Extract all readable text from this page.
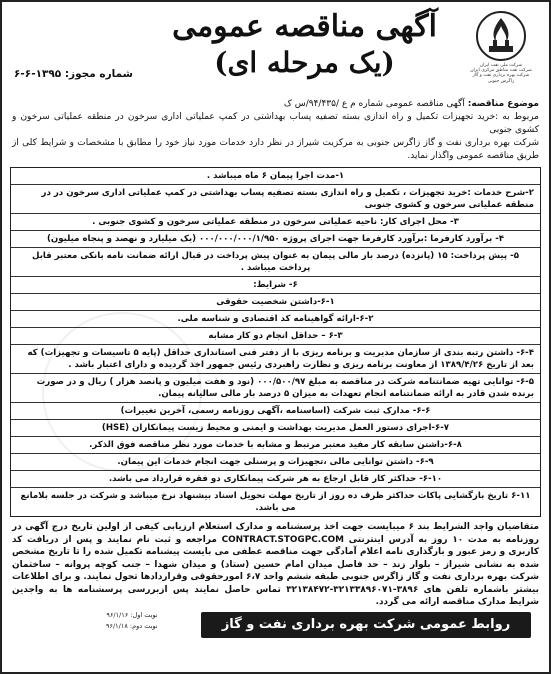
شرکت ملی نفت ایران
شرکت نفت مناطق مرکزی ایران
شرکت بهره برداری نفت و گاز
زاگرس جنوبی
آگهی مناقصه عمومی
(یک مرحله ای)
شماره مجوز: ۱۳۹۵-۶-۶
موضوع مناقصه: آگهی مناقصه عمومی شماره م ع /۹۴/۴۳۵/س ک
مربوط به :خرید تجهیزات تکمیل و راه اندازی بسته تصفیه پساب بهداشتی در کمپ عملیاتی اداری سرخون در منطقه عملیاتی سرخون و کشوی جنوبی
شرکت بهره برداری نفت و گاز زاگرس جنوبی به مرکزیت شیراز در نظر دارد خدمات مورد نیاز خود را مطابق با مشخصات و شرایط کلی از طریق مناقصه عمومی واگذار نماید.
۱-مدت اجرا پیمان ۶ ماه میباشد .
۲-شرح خدمات :خرید تجهیزات ، تکمیل و راه اندازی بسته تصفیه پساب بهداشتی در کمپ عملیاتی اداری سرخون در در منطقه عملیاتی سرخون و کشوی جنوبی
۳- محل اجرای کار: ناحیه عملیاتی سرخون در منطقه عملیاتی سرخون و کشوی جنوبی .
۴- برآورد کارفرما :برآورد کارفرما جهت اجرای پروژه ۰۰۰/۰۰۰/۰۰۰/۱/۹۵۰ (یک میلیارد و نهصد و پنجاه میلیون)
۵- پیش پرداخت: ۱۵ (پانزده) درصد بار مالی پیمان به عنوان پیش پرداخت در قبال ارائه ضمانت نامه بانکی معتبر قابل پرداخت میباشد .
۶- شرایط:
۶-۱-داشتن شخصیت حقوقی
۶-۲-ارائه گواهینامه کد اقتصادی و شناسه ملی.
۶-۳ – حداقل انجام دو کار مشابه
۶-۴- داشتن رتبه بندی از سازمان مدیریت و برنامه ریزی با از دفتر فنی استانداری حداقل (پایه ۵ تاسیسات و تجهیزات) که بعد از تاریخ ۱۳۸۹/۴/۲۶ از معاونت برنامه ریزی و نظارت راهبردی رئیس جمهور اخذ گردیده و دارای اعتبار باشد .
۶-۵- توانایی تهیه ضمانتنامه شرکت در مناقصه به مبلغ ۰۰۰/۵۰۰/۹۷ (نود و هفت میلیون و پانصد هزار ) ریال و در صورت برنده شدن قادر به ارائه ضمانتنامه انجام تعهدات به میزان ۵ درصد بار مالی سالیانه پیمان.
۶-۶- مدارک ثبت شرکت (اساسنامه ،آگهی روزنامه رسمی، آخرین تغییرات)
۶-۷-اجرای دستور العمل مدیریت بهداشت و ایمنی و محیط زیست پیمانکاران (HSE)
۶-۸-داشتن سابقه کار مفید معتبر مرتبط و مشابه با خدمات مورد نظر مناقصه فوق الذکر.
۶-۹- داشتن توانایی مالی ،تجهیزات و پرسنلی جهت انجام خدمات این پیمان.
۶-۱۰- حداکثر کار قابل ارجاع به هر شرکت پیمانکاری دو فقره قرارداد می باشد.
۶-۱۱ تاریخ بازگشایی پاکات حداکثر ظرف ده روز از تاریخ مهلت تحویل اسناد بیشنهاد نرخ میباشد و شرکت در جلسه بلامانع می باشد.
متقاضیان واجد الشرایط بند ۶ میبایست جهت اخذ پرسشنامه و مدارک استعلام ارزیابی کیفی از اولین تاریخ درج آگهی در روزنامه به مدت ۱۰ روز به آدرس اینترنتی CONTRACT.STOGPC.COM مراجعه و ثبت نام نمایند و پس از دریافت کد کاربری و رمز عبور و بارگذاری نامه اعلام آمادگی جهت مناقصه عطفی می بایست پیشنامه تکمیل شده را تا تاریخ مشخص شده به نشانی شیراز – بلوار زند – حد فاصل میدان امام حسین (ستاد) و میدان شهدا – جنب کوچه پروانه – ساختمان شرکت بهره برداری نفت و گاز زاگرس جنوبی طبقه ششم واحد ۶،۷ امورحقوقی وقراردادها تحول نمایند. و برای اطلاعات بیشتر باشماره تلفن های ۳۸۹۶-۳۲۱۳۳۸۹۶۰۷۱-۳۲۱۳۸۴۷۲ تماس حاصل نمایند پس ازبررسی پرسشنامه ها به واجدین شرایط مدارک مناقصه ارائه می گردد.
روابط عمومی شرکت بهره برداری نفت و گاز زاگرس جنوبی
نوبت اول: ۹۶/۱/۱۶
نوبت دوم: ۹۶/۱/۱۸
